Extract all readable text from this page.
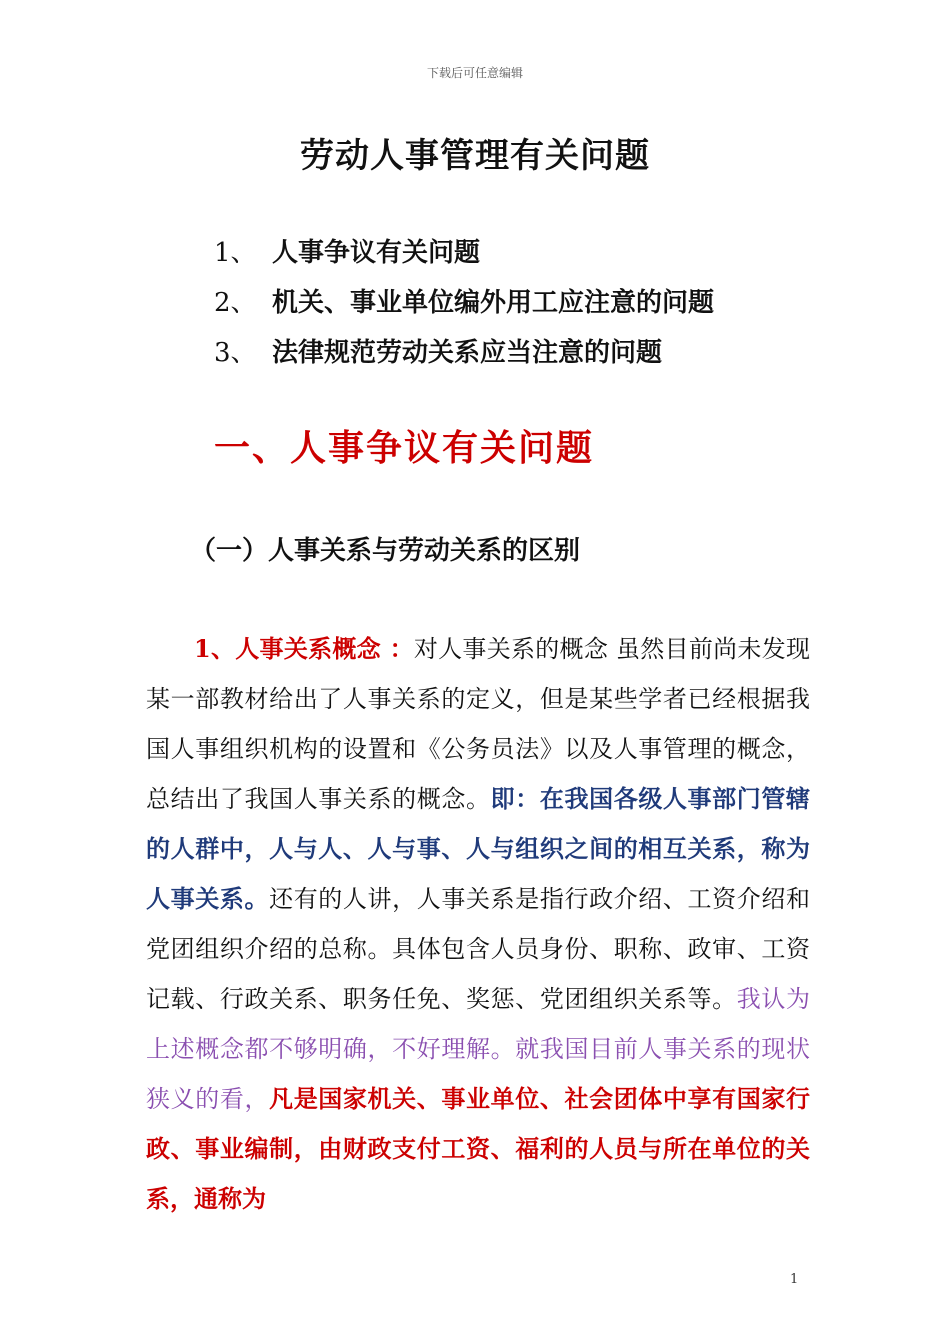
下载后可任意编辑
劳动人事管理有关问题
1、 人事争议有关问题
2、 机关、事业单位编外用工应注意的问题
3、 法律规范劳动关系应当注意的问题
一、人事争议有关问题
（一）人事关系与劳动关系的区别

1、人事关系概念 ：对人事关系的概念 虽然目前尚未发现某一部教材给出了人事关系的定义，但是某些学者已经根据我国人事组织机构的设置和《公务员法》以及人事管理的概念，总结出了我国人事关系的概念。即：在我国各级人事部门管辖的人群中，人与人、人与事、人与组织之间的相互关系，称为人事关系。还有的人讲，人事关系是指行政介绍、工资介绍和党团组织介绍的总称。具体包含人员身份、职称、政审、工资记载、行政关系、职务任免、奖惩、党团组织关系等。我认为上述概念都不够明确，不好理解。就我国目前人事关系的现状狭义的看，凡是国家机关、事业单位、社会团体中享有国家行政、事业编制，由财政支付工资、福利的人员与所在单位的关系，通称为

1
